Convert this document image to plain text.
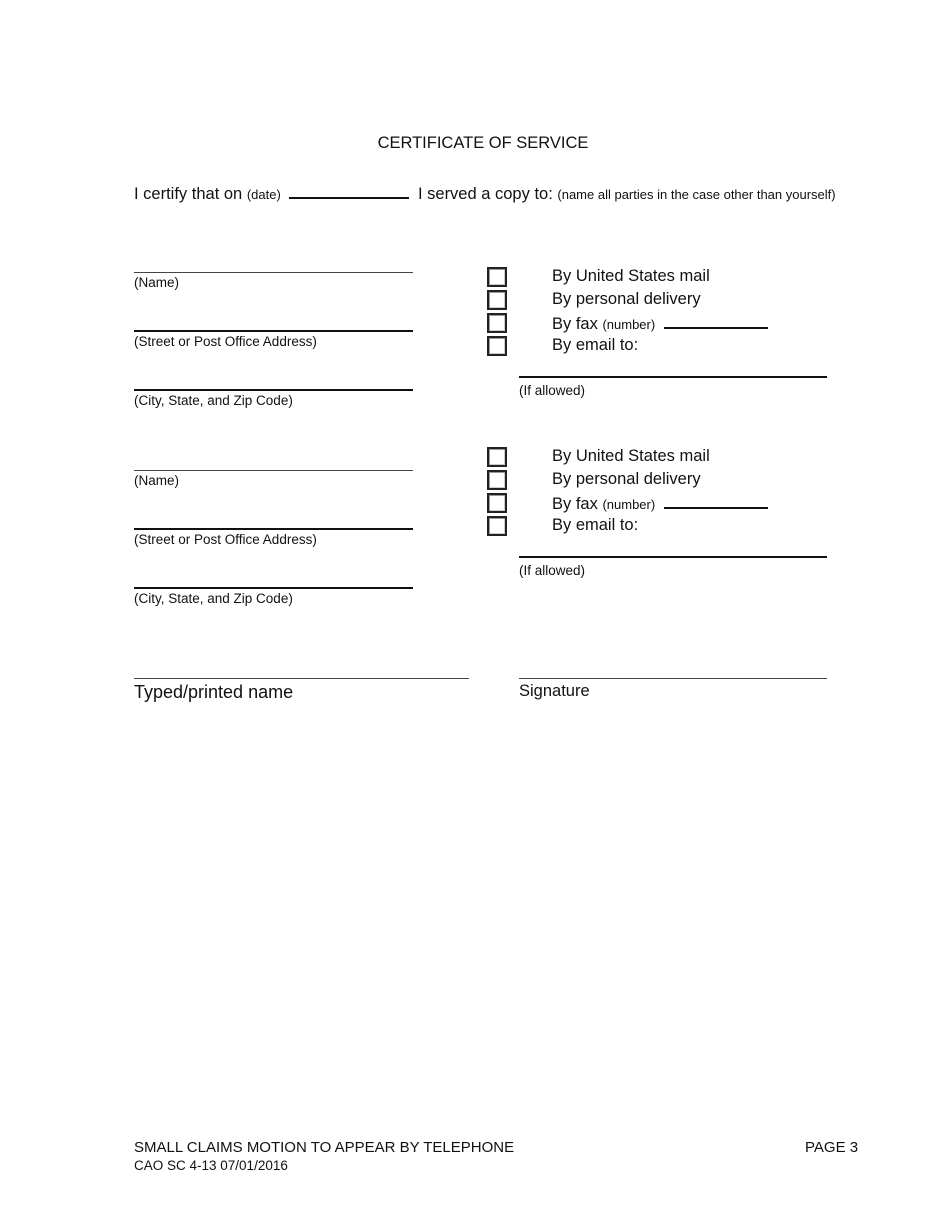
CERTIFICATE OF SERVICE
I certify that on (date)	I served a copy to: (name all parties in the case other than yourself)
(Name)
(Street or Post Office Address)
(City, State, and Zip Code)
By United States mail
By personal delivery
By fax (number)
By email to:
(If allowed)
(Name)
(Street or Post Office Address)
(City, State, and Zip Code)
By United States mail
By personal delivery
By fax (number)
By email to:
(If allowed)
Typed/printed name	Signature
SMALL CLAIMS MOTION TO APPEAR BY TELEPHONE	PAGE 3
CAO SC 4-13 07/01/2016
